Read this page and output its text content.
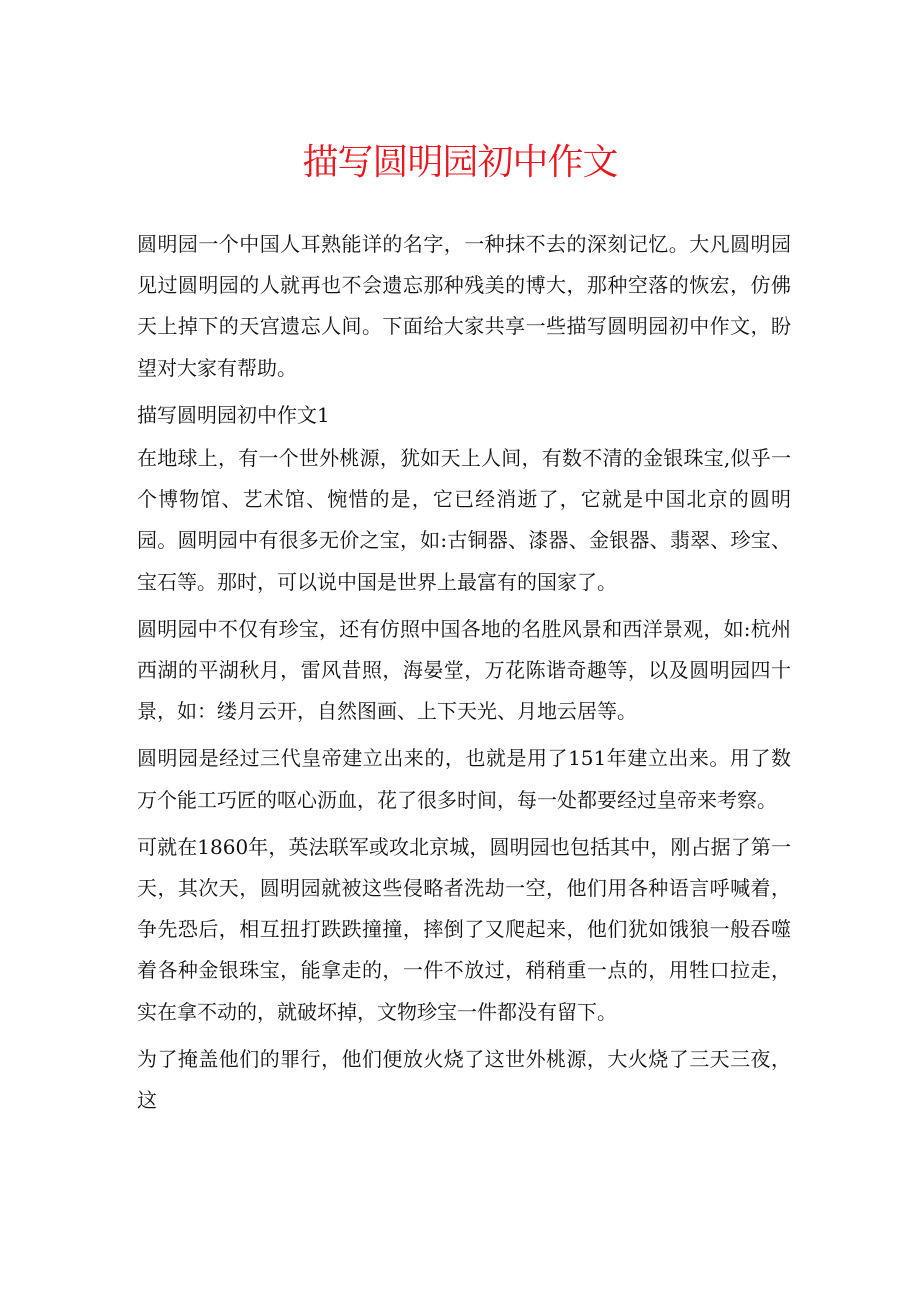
描写圆明园初中作文

圆明园一个中国人耳熟能详的名字，一种抹不去的深刻记忆。大凡圆明园见过圆明园的人就再也不会遗忘那种残美的博大，那种空落的恢宏，仿佛天上掉下的天宫遗忘人间。下面给大家共享一些描写圆明园初中作文，盼望对大家有帮助。

描写圆明园初中作文1

在地球上，有一个世外桃源，犹如天上人间，有数不清的金银珠宝,似乎一个博物馆、艺术馆、惋惜的是，它已经消逝了，它就是中国北京的圆明园。圆明园中有很多无价之宝，如:古铜器、漆器、金银器、翡翠、珍宝、宝石等。那时，可以说中国是世界上最富有的国家了。

圆明园中不仅有珍宝，还有仿照中国各地的名胜风景和西洋景观，如:杭州西湖的平湖秋月，雷风昔照，海晏堂，万花陈谐奇趣等，以及圆明园四十景，如：缕月云开，自然图画、上下天光、月地云居等。

圆明园是经过三代皇帝建立出来的，也就是用了151年建立出来。用了数万个能工巧匠的呕心沥血，花了很多时间，每一处都要经过皇帝来考察。

可就在1860年，英法联军或攻北京城，圆明园也包括其中，刚占据了第一天，其次天，圆明园就被这些侵略者洗劫一空，他们用各种语言呼喊着，争先恐后，相互扭打跌跌撞撞，摔倒了又爬起来，他们犹如饿狼一般吞噬着各种金银珠宝，能拿走的，一件不放过，稍稍重一点的，用牲口拉走，实在拿不动的，就破坏掉，文物珍宝一件都没有留下。

为了掩盖他们的罪行，他们便放火烧了这世外桃源，大火烧了三天三夜，这
